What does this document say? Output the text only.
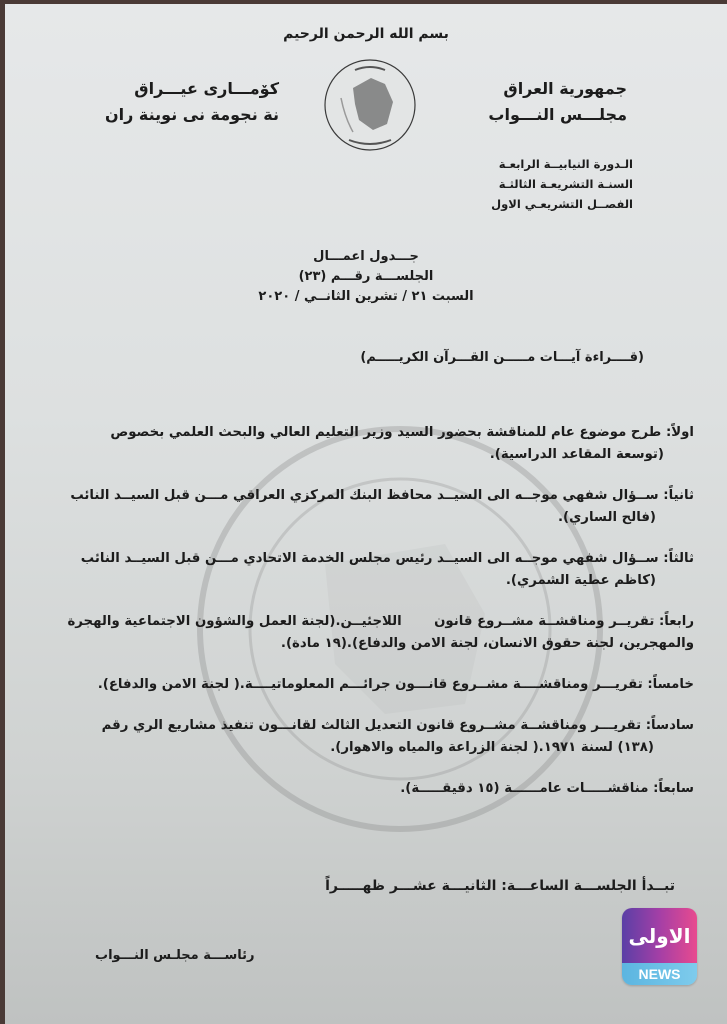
بسم الله الرحمن الرحيم
جمهورية العراق
مجلـــس النـــواب
كۆمـــارى عيـــراق
نة نجومة نى نوينة ران
الـدورة النيابيــة الرابعـة
السنـة التشريعـة الثالثـة
الفصــل التشريعـي الاول
جـــدول اعمـــال
الجلســـة رقـــم (٢٣)
السبت ٢١ / تشرين الثانــي / ٢٠٢٠
(قــــراءة آيـــات مـــــن القـــرآن الكريـــــم)
اولاً: طرح موضوع عام للمناقشة بحضور السيد وزير التعليم العالي والبحث العلمي بخصوص
(توسعة المقاعد الدراسية).
ثانياً: ســؤال شفهي موجــه الى السيــد محافظ البنك المركزي العراقي مـــن قبل السيــد النائب
(فالح الساري).
ثالثاً: ســؤال شفهي موجــه الى السيــد رئيس مجلس الخدمة الاتحادي مـــن قبل السيــد النائب
(كاظم عطية الشمري).
رابعاً: تقريــر ومناقشــة مشــروع قانون       اللاجئيــن.(لجنة العمل والشؤون الاجتماعية والهجرة
والمهجرين، لجنة حقوق الانسان، لجنة الامن والدفاع).(١٩ مادة).
خامساً: تقريـــر ومناقشــــة مشــروع قانـــون جرائـــم المعلوماتيــــة.( لجنة الامن والدفاع).
سادساً: تقريـــر ومناقشــة مشــروع قانون التعديل الثالث لقانـــون تنفيذ مشاريع الري رقم
(١٣٨) لسنة ١٩٧١.( لجنة الزراعة والمياه والاهوار).
سابعاً: مناقشـــــات عامــــــة (١٥ دقيقـــــة).
تبــدأ الجلســـة الساعـــة: الثانيـــة عشـــر ظهـــــراً
رئاســـة مجلـس النـــواب
الاولى
NEWS
